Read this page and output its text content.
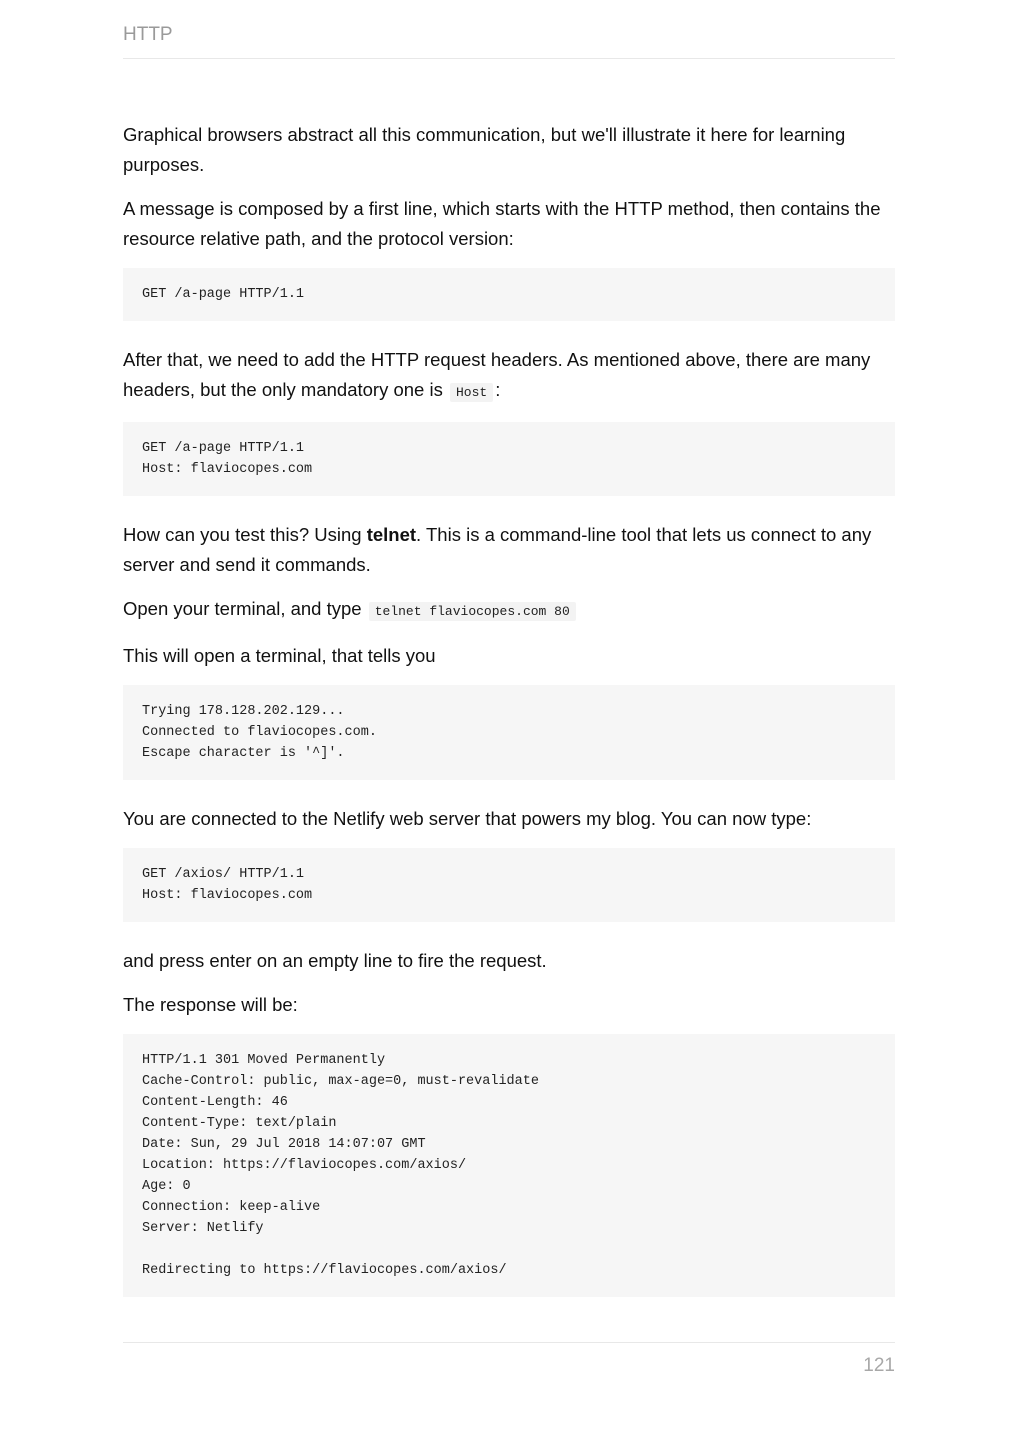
HTTP

Graphical browsers abstract all this communication, but we'll illustrate it here for learning purposes.

A message is composed by a first line, which starts with the HTTP method, then contains the resource relative path, and the protocol version:

GET /a-page HTTP/1.1

After that, we need to add the HTTP request headers. As mentioned above, there are many headers, but the only mandatory one is Host :

GET /a-page HTTP/1.1
Host: flaviocopes.com

How can you test this? Using telnet. This is a command-line tool that lets us connect to any server and send it commands.

Open your terminal, and type telnet flaviocopes.com 80

This will open a terminal, that tells you

Trying 178.128.202.129...
Connected to flaviocopes.com.
Escape character is '^]'.

You are connected to the Netlify web server that powers my blog. You can now type:

GET /axios/ HTTP/1.1
Host: flaviocopes.com

and press enter on an empty line to fire the request.

The response will be:

HTTP/1.1 301 Moved Permanently
Cache-Control: public, max-age=0, must-revalidate
Content-Length: 46
Content-Type: text/plain
Date: Sun, 29 Jul 2018 14:07:07 GMT
Location: https://flaviocopes.com/axios/
Age: 0
Connection: keep-alive
Server: Netlify

Redirecting to https://flaviocopes.com/axios/
121
